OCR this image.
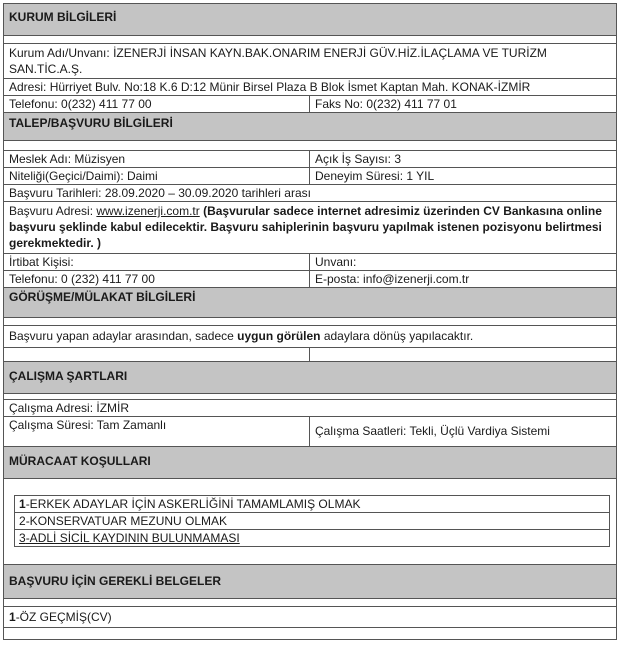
KURUM BİLGİLERİ
Kurum Adı/Unvanı: İZENERJİ İNSAN KAYN.BAK.ONARIM ENERJİ GÜV.HİZ.İLAÇLAMA VE TURİZM SAN.TİC.A.Ş.
Adresi: Hürriyet Bulv. No:18 K.6 D:12 Münir Birsel Plaza B Blok İsmet Kaptan Mah. KONAK-İZMİR
Telefonu: 0(232) 411 77 00	Faks No: 0(232) 411 77 01
TALEP/BAŞVURU BİLGİLERİ
Meslek Adı: Müzisyen	Açık İş Sayısı: 3
Niteliği(Geçici/Daimi): Daimi	Deneyim Süresi: 1 YIL
Başvuru Tarihleri: 28.09.2020 – 30.09.2020 tarihleri arası
Başvuru Adresi: www.izenerji.com.tr (Başvurular sadece internet adresimiz üzerinden CV Bankasına online başvuru şeklinde kabul edilecektir. Başvuru sahiplerinin başvuru yapılmak istenen pozisyonu belirtmesi gerekmektedir. )
İrtibat Kişisi:	Unvanı:
Telefonu: 0 (232) 411 77 00	E-posta: info@izenerji.com.tr
GÖRÜŞME/MÜLAKAT BİLGİLERİ
Başvuru yapan adaylar arasından, sadece uygun görülen adaylara dönüş yapılacaktır.
ÇALIŞMA ŞARTLARI
Çalışma Adresi: İZMİR
Çalışma Süresi: Tam Zamanlı	Çalışma Saatleri: Tekli, Üçlü Vardiya Sistemi
MÜRACAAT KOŞULLARI
1-ERKEK ADAYLAR İÇİN ASKERLİĞİNİ TAMAMLAMIŞ OLMAK
2-KONSERVATUAR MEZUNU OLMAK
3-ADLİ SİCİL KAYDININ BULUNMAMASI
BAŞVURU İÇİN GEREKLİ BELGELER
1-ÖZ GEÇMİŞ(CV)
